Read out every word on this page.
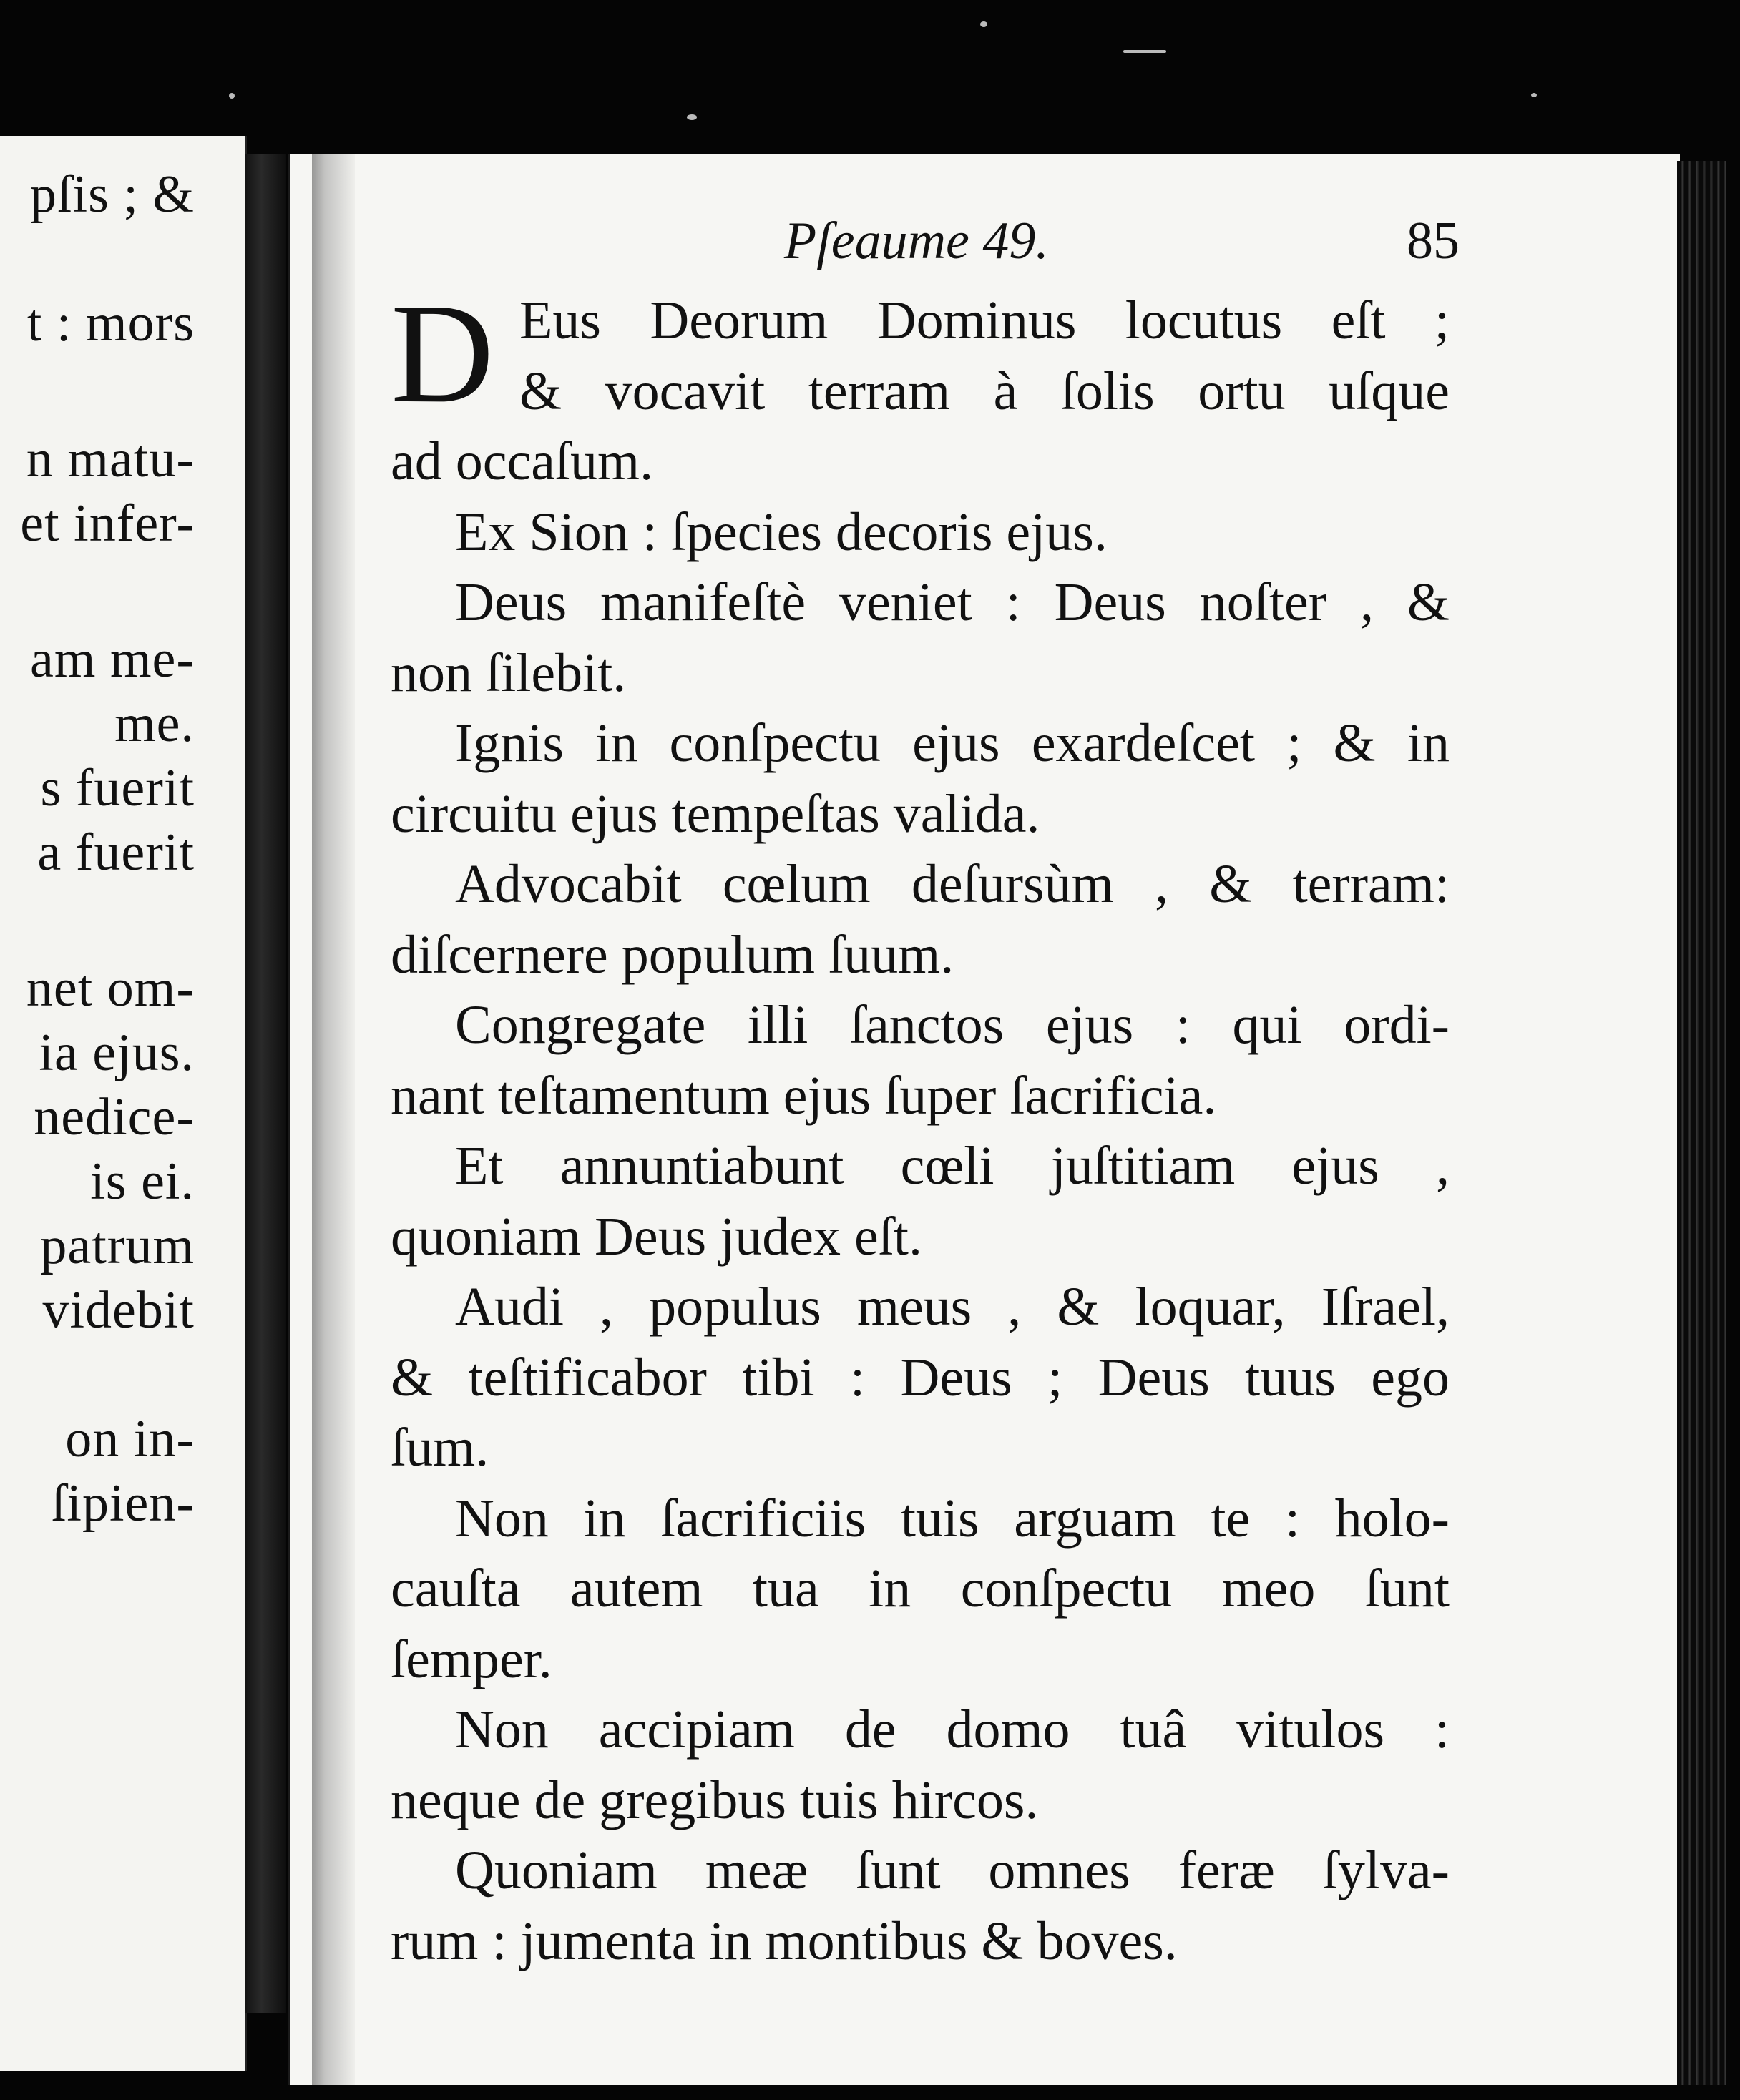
pſis ; &
t : mors
n matu-
et infer-
am me-
me.
s fuerit
a fuerit
net om-
ia ejus.
nedice-
is ei.
patrum
videbit
on in-
ſipien-
Pſeaume 49.	85
D Eus Deorum Dominus locutus eſt ;
& vocavit terram à ſolis ortu uſque
ad occaſum.
Ex Sion : ſpecies decoris ejus.
Deus manifeſtè veniet : Deus noſter , &
non ſilebit.
Ignis in conſpectu ejus exardeſcet ; & in
circuitu ejus tempeſtas valida.
Advocabit cœlum deſursùm , & terram:
diſcernere populum ſuum.
Congregate illi ſanctos ejus : qui ordi-
nant teſtamentum ejus ſuper ſacrificia.
Et annuntiabunt cœli juſtitiam ejus ,
quoniam Deus judex eſt.
Audi , populus meus , & loquar, Iſrael,
& teſtificabor tibi : Deus ; Deus tuus ego
ſum.
Non in ſacrificiis tuis arguam te : holo-
cauſta autem tua in conſpectu meo ſunt
ſemper.
Non accipiam de domo tuâ vitulos :
neque de gregibus tuis hircos.
Quoniam meæ ſunt omnes feræ ſylva-
rum : jumenta in montibus & boves.
